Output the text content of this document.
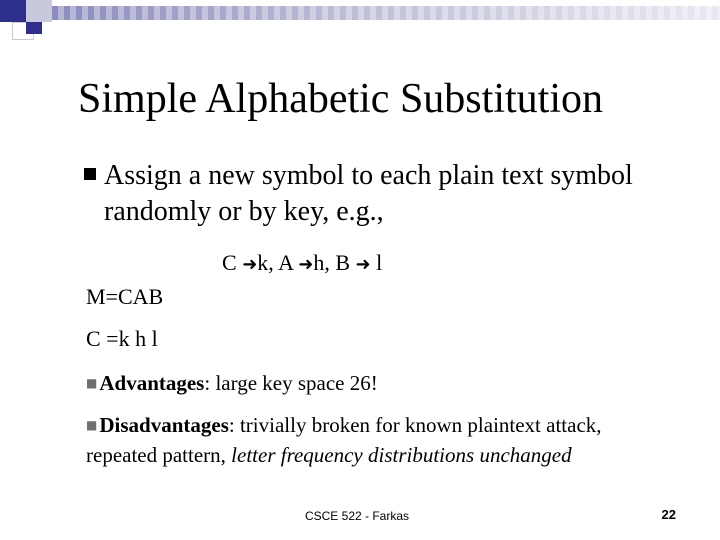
Simple Alphabetic Substitution
Assign a new symbol to each plain text symbol randomly or by key, e.g.,
C ➜k, A ➜h, B ➜ l
M=CAB
C =k h l
■Advantages: large key space 26!
■Disadvantages: trivially broken for known plaintext attack, repeated pattern, letter frequency distributions unchanged
CSCE 522 - Farkas	22
